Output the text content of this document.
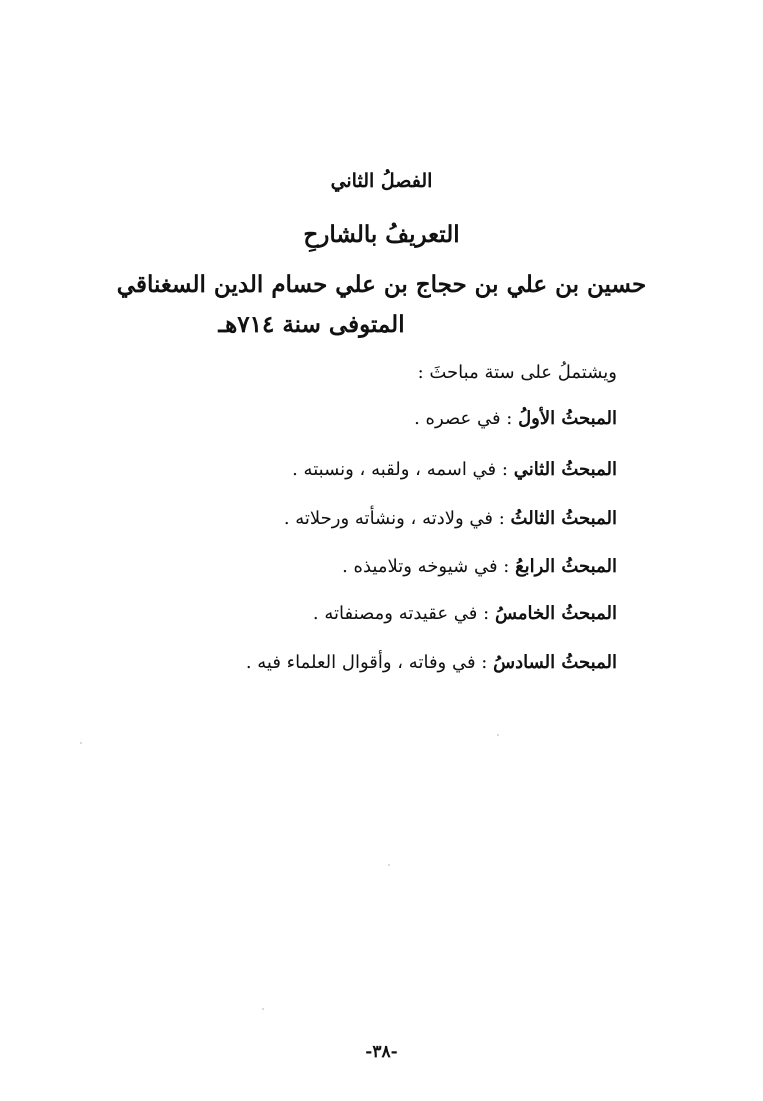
الفصلُ الثاني
التعريفُ بالشارحِ
حسين بن علي بن حجاج بن علي حسام الدين السغناقي
المتوفى سنة ٧١٤هـ
ويشتملُ على ستة مباحثَ :
المبحثُ الأولُ : في عصره .
المبحثُ الثاني : في اسمه ، ولقبه ، ونسبته .
المبحثُ الثالثُ : في ولادته ، ونشأته ورحلاته .
المبحثُ الرابعُ : في شيوخه وتلاميذه .
المبحثُ الخامسُ : في عقيدته ومصنفاته .
المبحثُ السادسُ : في وفاته ، وأقوال العلماء فيه .
-٣٨-
